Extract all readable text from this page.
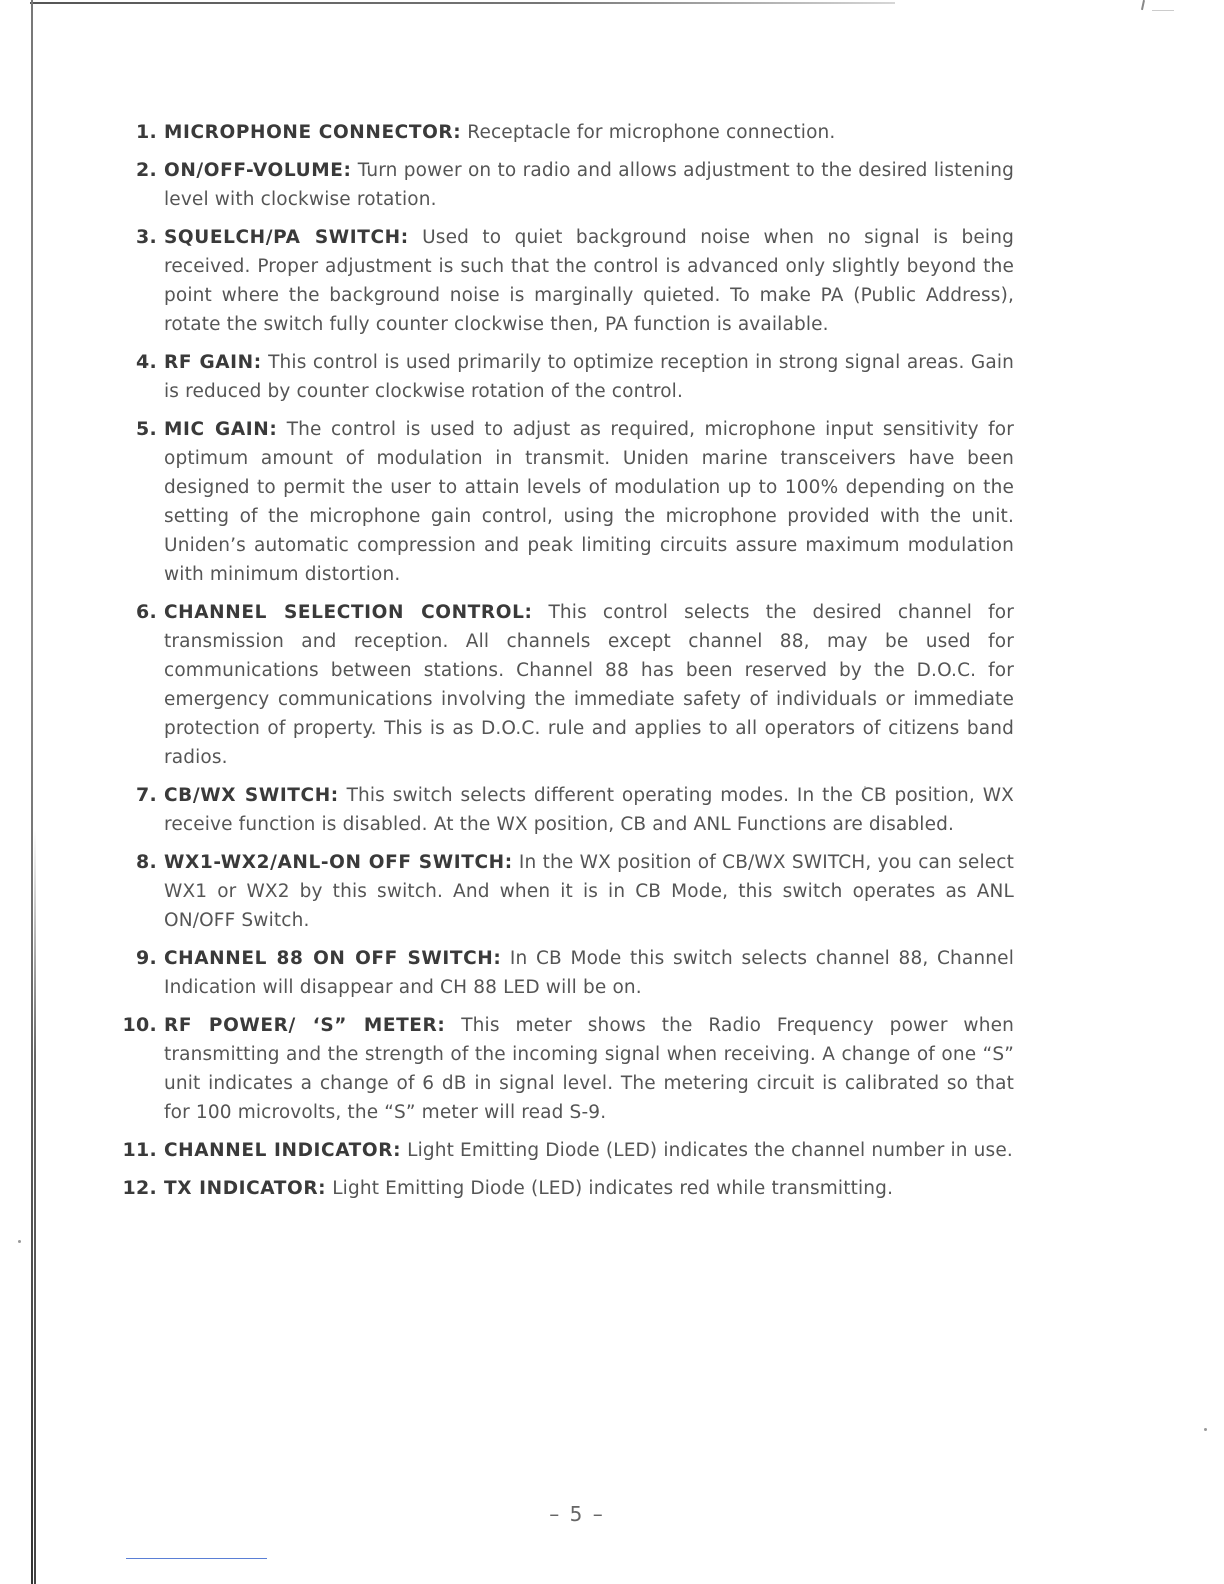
1. MICROPHONE CONNECTOR: Receptacle for microphone connection.
2. ON/OFF-VOLUME: Turn power on to radio and allows adjustment to the desired listening level with clockwise rotation.
3. SQUELCH/PA SWITCH: Used to quiet background noise when no signal is being received. Proper adjustment is such that the control is advanced only slightly beyond the point where the background noise is marginally quieted. To make PA (Public Address), rotate the switch fully counter clockwise then, PA function is available.
4. RF GAIN: This control is used primarily to optimize reception in strong signal areas. Gain is reduced by counter clockwise rotation of the control.
5. MIC GAIN: The control is used to adjust as required, microphone input sensitivity for optimum amount of modulation in transmit. Uniden marine transceivers have been designed to permit the user to attain levels of modulation up to 100% depending on the setting of the microphone gain control, using the microphone provided with the unit. Uniden’s automatic compression and peak limiting circuits assure maximum modulation with minimum distortion.
6. CHANNEL SELECTION CONTROL: This control selects the desired channel for transmission and reception. All channels except channel 88, may be used for communications between stations. Channel 88 has been reserved by the D.O.C. for emergency communications involving the immediate safety of individuals or immediate protection of property. This is as D.O.C. rule and applies to all operators of citizens band radios.
7. CB/WX SWITCH: This switch selects different operating modes. In the CB position, WX receive function is disabled. At the WX position, CB and ANL Functions are disabled.
8. WX1-WX2/ANL-ON OFF SWITCH: In the WX position of CB/WX SWITCH, you can select WX1 or WX2 by this switch. And when it is in CB Mode, this switch operates as ANL ON/OFF Switch.
9. CHANNEL 88 ON OFF SWITCH: In CB Mode this switch selects channel 88, Channel Indication will disappear and CH 88 LED will be on.
10. RF POWER/ ‘S” METER: This meter shows the Radio Frequency power when transmitting and the strength of the incoming signal when receiving. A change of one “S” unit indicates a change of 6 dB in signal level. The metering circuit is calibrated so that for 100 microvolts, the “S” meter will read S-9.
11. CHANNEL INDICATOR: Light Emitting Diode (LED) indicates the channel number in use.
12. TX INDICATOR: Light Emitting Diode (LED) indicates red while transmitting.
– 5 –
